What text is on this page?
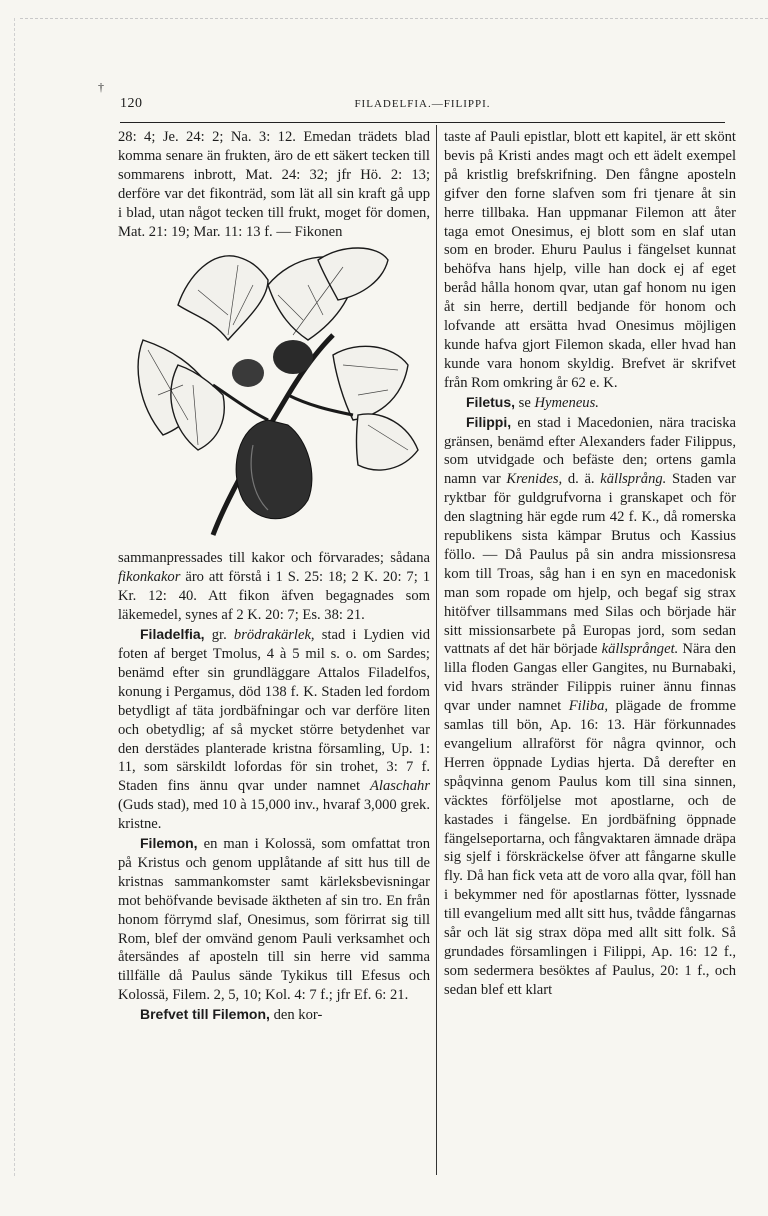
†
120	FILADELFIA.—FILIPPI.

28: 4; Je. 24: 2; Na. 3: 12. Emedan trädets blad komma senare än frukten, äro de ett säkert tecken till sommarens inbrott, Mat. 24: 32; jfr Hö. 2: 13; derföre var det fikonträd, som lät all sin kraft gå upp i blad, utan något tecken till frukt, moget för domen, Mat. 21: 19; Mar. 11: 13 f. — Fikonen

sammanpressades till kakor och förvarades; sådana fikonkakor äro att förstå i 1 S. 25: 18; 2 K. 20: 7; 1 Kr. 12: 40. Att fikon äfven begagnades som läkemedel, synes af 2 K. 20: 7; Es. 38: 21.

Filadelfia, gr. brödrakärlek, stad i Lydien vid foten af berget Tmolus, 4 à 5 mil s. o. om Sardes; benämd efter sin grundläggare Attalos Filadelfos, konung i Pergamus, död 138 f. K. Staden led fordom betydligt af täta jordbäfningar och var derföre liten och obetydlig; af så mycket större betydenhet var den derstädes planterade kristna församling, Up. 1: 11, som särskildt lofordas för sin trohet, 3: 7 f. Staden fins ännu qvar under namnet Alaschahr (Guds stad), med 10 à 15,000 inv., hvaraf 3,000 grek. kristne.

Filemon, en man i Kolossä, som omfattat tron på Kristus och genom upplåtande af sitt hus till de kristnas sammankomster samt kärleksbevisningar mot behöfvande bevisade äktheten af sin tro. En från honom förrymd slaf, Onesimus, som förirrat sig till Rom, blef der omvänd genom Pauli verksamhet och återsändes af aposteln till sin herre vid samma tillfälle då Paulus sände Tykikus till Efesus och Kolossä, Filem. 2, 5, 10; Kol. 4: 7 f.; jfr Ef. 6: 21.

Brefvet till Filemon, den kor-

taste af Pauli epistlar, blott ett kapitel, är ett skönt bevis på Kristi andes magt och ett ädelt exempel på kristlig brefskrifning. Den fångne aposteln gifver den forne slafven som fri tjenare åt sin herre tillbaka. Han uppmanar Filemon att åter taga emot Onesimus, ej blott som en slaf utan som en broder. Ehuru Paulus i fängelset kunnat behöfva hans hjelp, ville han dock ej af eget beråd hålla honom qvar, utan gaf honom nu igen åt sin herre, dertill bedjande för honom och lofvande att ersätta hvad Onesimus möjligen kunde hafva gjort Filemon skada, eller hvad han kunde vara honom skyldig. Brefvet är skrifvet från Rom omkring år 62 e. K.

Filetus, se Hymeneus.

Filippi, en stad i Macedonien, nära traciska gränsen, benämd efter Alexanders fader Filippus, som utvidgade och befäste den; ortens gamla namn var Krenides, d. ä. källsprång. Staden var ryktbar för guldgrufvorna i granskapet och för den slagtning här egde rum 42 f. K., då romerska republikens sista kämpar Brutus och Kassius föllo. — Då Paulus på sin andra missionsresa kom till Troas, såg han i en syn en macedonisk man som ropade om hjelp, och begaf sig strax hitöfver tillsammans med Silas och började här sitt missionsarbete på Europas jord, som sedan vattnats af det här började källsprånget. Nära den lilla floden Gangas eller Gangites, nu Burnabaki, vid hvars stränder Filippis ruiner ännu finnas qvar under namnet Filiba, plägade de fromme samlas till bön, Ap. 16: 13. Här förkunnades evangelium allraförst för några qvinnor, och Herren öppnade Lydias hjerta. Då derefter en spåqvinna genom Paulus kom till sina sinnen, väcktes förföljelse mot apostlarne, och de kastades i fängelse. En jordbäfning öppnade fängelseportarna, och fångvaktaren ämnade dräpa sig sjelf i förskräckelse öfver att fångarne skulle fly. Då han fick veta att de voro alla qvar, föll han i bekymmer ned för apostlarnas fötter, lyssnade till evangelium med allt sitt hus, tvådde fångarnas sår och lät sig strax döpa med allt sitt folk. Så grundades församlingen i Filippi, Ap. 16: 12 f., som sedermera besöktes af Paulus, 20: 1 f., och sedan blef ett klart
